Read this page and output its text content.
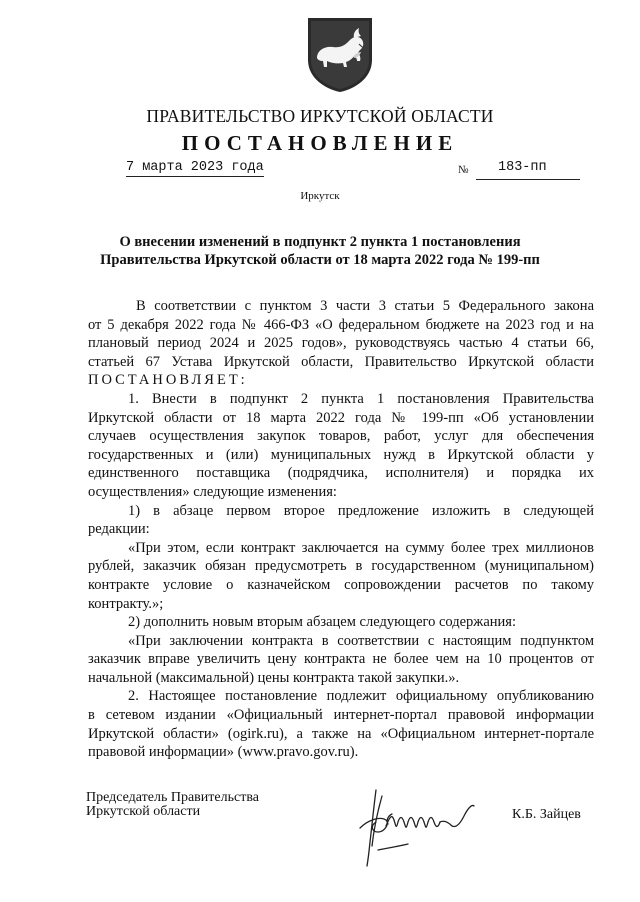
ПРАВИТЕЛЬСТВО ИРКУТСКОЙ ОБЛАСТИ
ПОСТАНОВЛЕНИЕ
7 марта 2023 года	№ 183-пп
Иркутск
О внесении изменений в подпункт 2 пункта 1 постановления
Правительства Иркутской области от 18 марта 2022 года № 199-пп
В соответствии с пунктом 3 части 3 статьи 5 Федерального закона
от 5 декабря 2022 года № 466-ФЗ «О федеральном бюджете на 2023 год и на
плановый период 2024 и 2025 годов», руководствуясь частью 4 статьи 66,
статьей 67 Устава Иркутской области, Правительство Иркутской области
ПОСТАНОВЛЯЕТ:
1. Внести в подпункт 2 пункта 1 постановления Правительства
Иркутской области от 18 марта 2022 года № 199-пп «Об установлении
случаев осуществления закупок товаров, работ, услуг для обеспечения
государственных и (или) муниципальных нужд в Иркутской области у
единственного поставщика (подрядчика, исполнителя) и порядка их
осуществления» следующие изменения:
1) в абзаце первом второе предложение изложить в следующей
редакции:
«При этом, если контракт заключается на сумму более трех миллионов
рублей, заказчик обязан предусмотреть в государственном (муниципальном)
контракте условие о казначейском сопровождении расчетов по такому
контракту.»;
2) дополнить новым вторым абзацем следующего содержания:
«При заключении контракта в соответствии с настоящим подпунктом
заказчик вправе увеличить цену контракта не более чем на 10 процентов от
начальной (максимальной) цены контракта такой закупки.».
2. Настоящее постановление подлежит официальному опубликованию
в сетевом издании «Официальный интернет-портал правовой информации
Иркутской области» (ogirk.ru), а также на «Официальном интернет-портале
правовой информации» (www.pravo.gov.ru).
Председатель Правительства
Иркутской области	К.Б. Зайцев
